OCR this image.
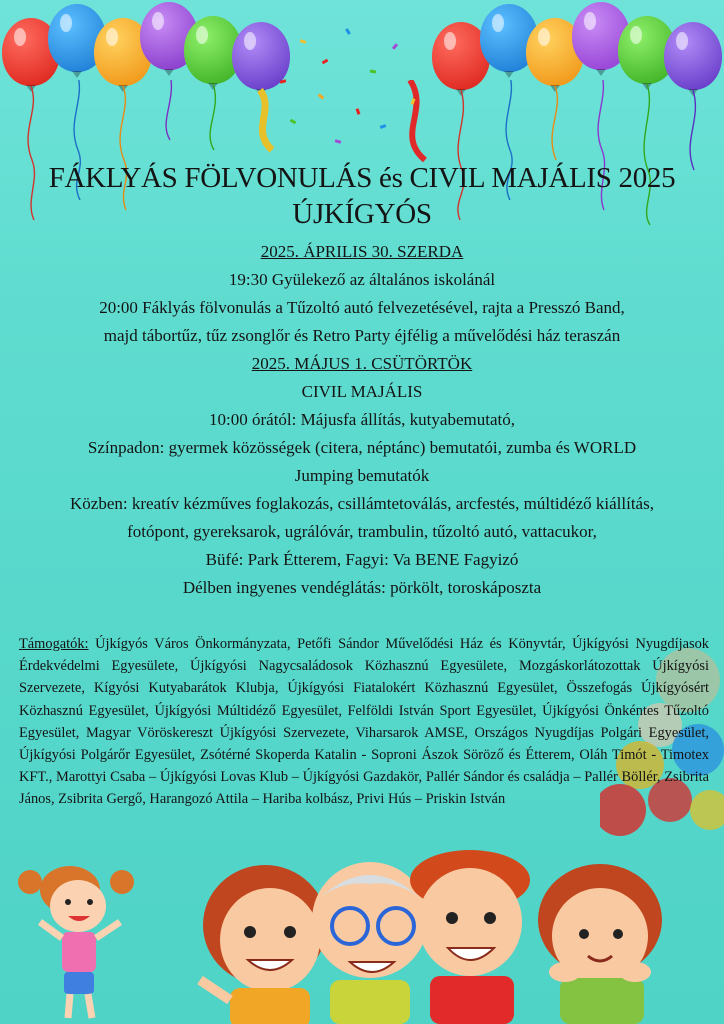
FÁKLYÁS FÖLVONULÁS és CIVIL MAJÁLIS 2025
ÚJKÍGYÓS

2025. ÁPRILIS 30. SZERDA

19:30 Gyülekező az általános iskolánál

20:00 Fáklyás fölvonulás a Tűzoltó autó felvezetésével, rajta a Presszó Band,

majd tábortűz, tűz zsonglőr és Retro Party éjfélig a művelődési ház teraszán

2025. MÁJUS 1. CSÜTÖRTÖK

CIVIL MAJÁLIS

10:00 órától: Májusfa állítás, kutyabemutató,

Színpadon: gyermek közösségek (citera, néptánc) bemutatói, zumba és WORLD

Jumping bemutatók

Közben: kreatív kézműves foglakozás, csillámtetoválás, arcfestés, múltidéző kiállítás,

fotópont, gyereksarok, ugrálóvár, trambulin, tűzoltó autó, vattacukor,

Büfé: Park Étterem, Fagyi: Va BENE Fagyizó

Délben ingyenes vendéglátás: pörkölt, toroskáposzta

Támogatók: Újkígyós Város Önkormányzata, Petőfi Sándor Művelődési Ház és Könyvtár, Újkígyósi Nyugdíjasok Érdekvédelmi Egyesülete, Újkígyósi Nagycsaládosok Közhasznú Egyesülete, Mozgáskorlátozottak Újkígyósi Szervezete, Kígyósi Kutyabarátok Klubja, Újkígyósi Fiatalokért Közhasznú Egyesület, Összefogás Újkígyósért Közhasznú Egyesület, Újkígyósi Múltidéző Egyesület, Felföldi István Sport Egyesület, Újkígyósi Önkéntes Tűzoltó Egyesület, Magyar Vöröskereszt Újkígyósi Szervezete, Viharsarok AMSE, Országos Nyugdíjas Polgári Egyesület, Újkígyósi Polgárőr Egyesület, Zsótérné Skoperda Katalin - Soproni Ászok Söröző és Étterem, Oláh Timót - Timotex KFT., Marottyi Csaba – Újkígyósi Lovas Klub – Újkígyósi Gazdakör, Pallér Sándor és családja – Pallér Böllér, Zsibrita János, Zsibrita Gergő, Harangozó Attila – Hariba kolbász, Privi Hús – Priskin István
